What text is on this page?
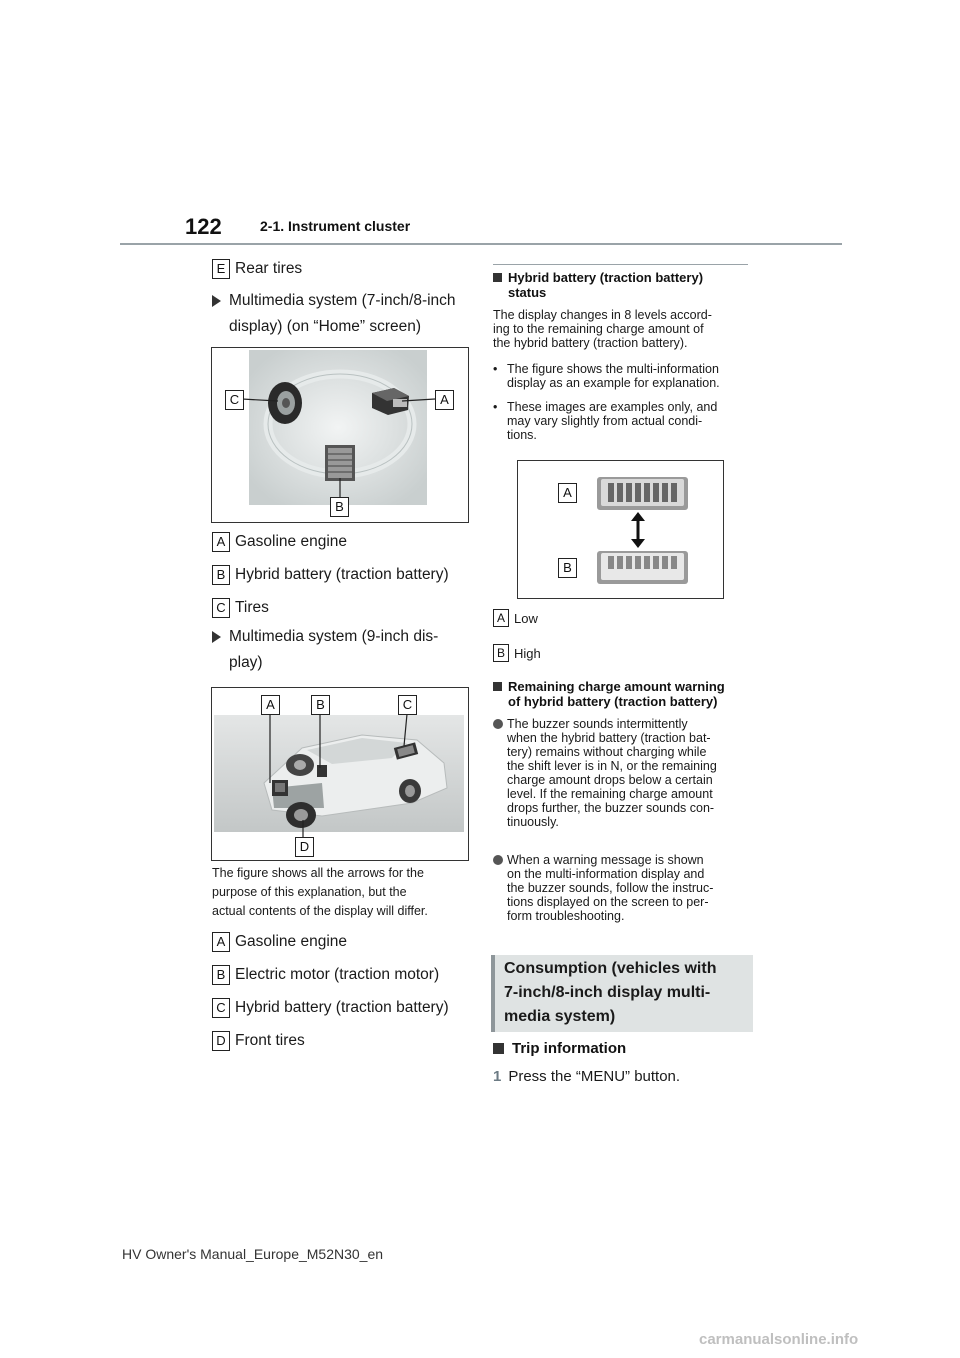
122	2-1. Instrument cluster
E Rear tires
Multimedia system (7-inch/8-inch
display) (on “Home” screen)
C	A
B
A Gasoline engine
B Hybrid battery (traction battery)
C Tires
Multimedia system (9-inch dis-
play)
A	B	C
D
The figure shows all the arrows for the
purpose of this explanation, but the
actual contents of the display will differ.
A Gasoline engine
B Electric motor (traction motor)
C Hybrid battery (traction battery)
D Front tires
Hybrid battery (traction battery)
status
The display changes in 8 levels accord-
ing to the remaining charge amount of
the hybrid battery (traction battery).
• The figure shows the multi-information
display as an example for explanation.
• These images are examples only, and
may vary slightly from actual condi-
tions.
A
B
A Low
B High
Remaining charge amount warning
of hybrid battery (traction battery)
The buzzer sounds intermittently
when the hybrid battery (traction bat-
tery) remains without charging while
the shift lever is in N, or the remaining
charge amount drops below a certain
level. If the remaining charge amount
drops further, the buzzer sounds con-
tinuously.
When a warning message is shown
on the multi-information display and
the buzzer sounds, follow the instruc-
tions displayed on the screen to per-
form troubleshooting.
Consumption (vehicles with
7-inch/8-inch display multi-
media system)
Trip information
1 Press the “MENU” button.
HV Owner's Manual_Europe_M52N30_en
carmanualsonline.info
